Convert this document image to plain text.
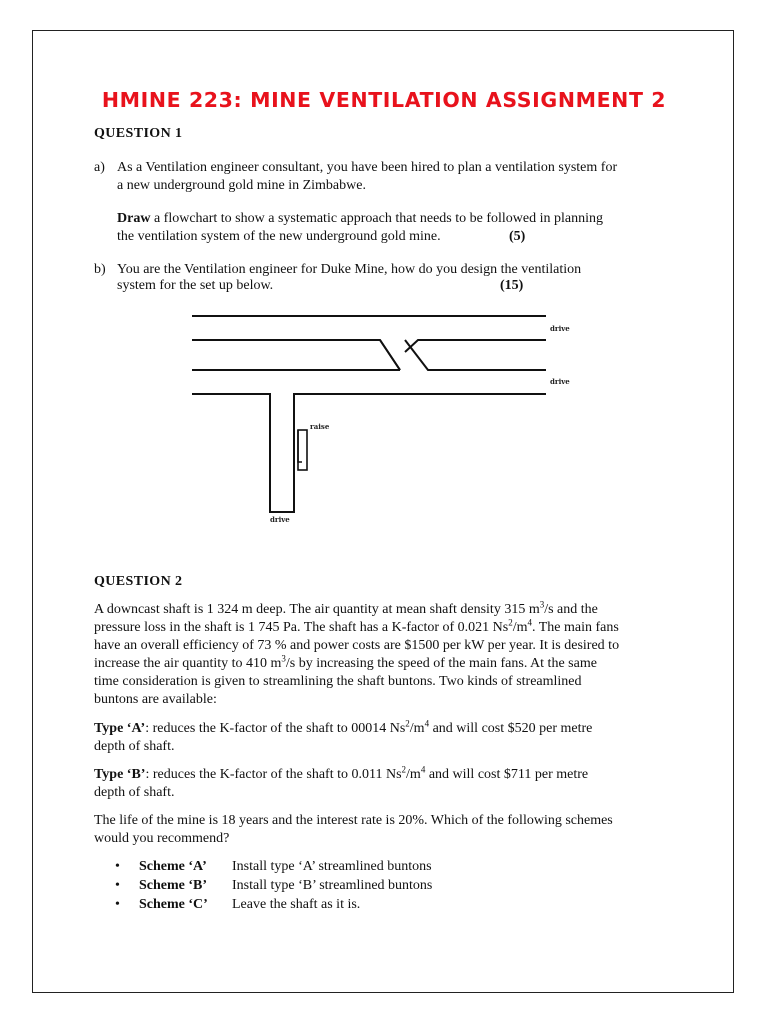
HMINE 223: MINE VENTILATION ASSIGNMENT 2
QUESTION 1
a) As a Ventilation engineer consultant, you have been hired to plan a ventilation system for
a new underground gold mine in Zimbabwe.
Draw a flowchart to show a systematic approach that needs to be followed in planning
the ventilation system of the new underground gold mine.	(5)
b) You are the Ventilation engineer for Duke Mine, how do you design the ventilation
system for the set up below.	(15)
drive
drive
raise
drive
QUESTION 2
A downcast shaft is 1 324 m deep. The air quantity at mean shaft density 315 $m^3/s$ and the
pressure loss in the shaft is 1 745 Pa. The shaft has a K-factor of 0.021 $Ns^2/m^4$. The main fans
have an overall efficiency of 73 % and power costs are $1500 per kW per year. It is desired to
increase the air quantity to 410 $m^3/s$ by increasing the speed of the main fans. At the same
time consideration is given to streamlining the shaft buntons. Two kinds of streamlined
buntons are available:
Type ‘A’: reduces the K-factor of the shaft to 00014 $Ns^2/m^4$ and will cost $520 per metre
depth of shaft.
Type ‘B’: reduces the K-factor of the shaft to 0.011 $Ns^2/m^4$ and will cost $711 per metre
depth of shaft.
The life of the mine is 18 years and the interest rate is 20%. Which of the following schemes
would you recommend?
• Scheme ‘A’ Install type ‘A’ streamlined buntons
• Scheme ‘B’ Install type ‘B’ streamlined buntons
• Scheme ‘C’ Leave the shaft as it is.
